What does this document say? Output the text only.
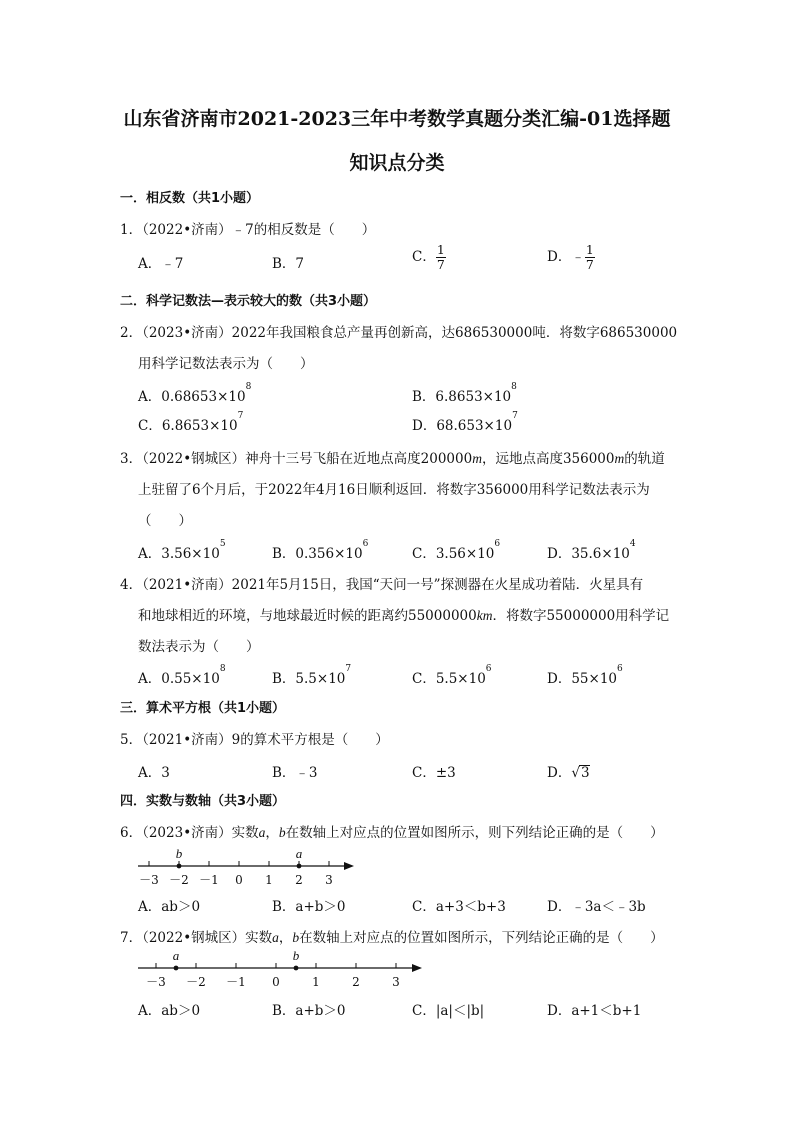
山东省济南市2021-2023三年中考数学真题分类汇编-01选择题
知识点分类
一．相反数（共1小题）
1．（2022•济南）﹣7的相反数是（　　）
A．﹣7	B．7	C． $\frac{1}{7}$	D．﹣ $\frac{1}{7}$
二．科学记数法—表示较大的数（共3小题）
2．（2023•济南）2022年我国粮食总产量再创新高，达686530000吨．将数字686530000
用科学记数法表示为（　　）
A．$0.68653\times 10^8$
B．$6.8653\times 10^8$
C．$6.8653\times 10^7$
D．$68.653\times 10^7$
3．（2022•钢城区）神舟十三号飞船在近地点高度200000m，远地点高度356000m的轨道
上驻留了6个月后，于2022年4月16日顺利返回．将数字356000用科学记数法表示为
（　　）
A．$3.56\times 10^5$
B．$0.356\times 10^6$
C．$3.56\times 10^6$
D．$35.6\times 10^4$
4．（2021•济南）2021年5月15日，我国“天问一号”探测器在火星成功着陆．火星具有
和地球相近的环境，与地球最近时候的距离约55000000km．将数字55000000用科学记
数法表示为（　　）
A．$0.55\times 10^8$
B．$5.5\times 10^7$
C．$5.5\times 10^6$
D．$55\times 10^6$
三．算术平方根（共1小题）
5．（2021•济南）9的算术平方根是（　　）
A．3	B．﹣3	C．±3	D．√3
四．实数与数轴（共3小题）
6．（2023•济南）实数a，b在数轴上对应点的位置如图所示，则下列结论正确的是（　　）
－3 －2 －1 0 1 2 3
b	a
A．ab＞0	B．a+b＞0	C．a+3＜b+3	D．﹣3a＜﹣3b
7．（2022•钢城区）实数a，b在数轴上对应点的位置如图所示，下列结论正确的是（　　）
－3 －2 －1 0	1	2	3
a	b
A．ab＞0	B．a+b＞0	C．|a|＜|b|	D．a+1＜b+1
